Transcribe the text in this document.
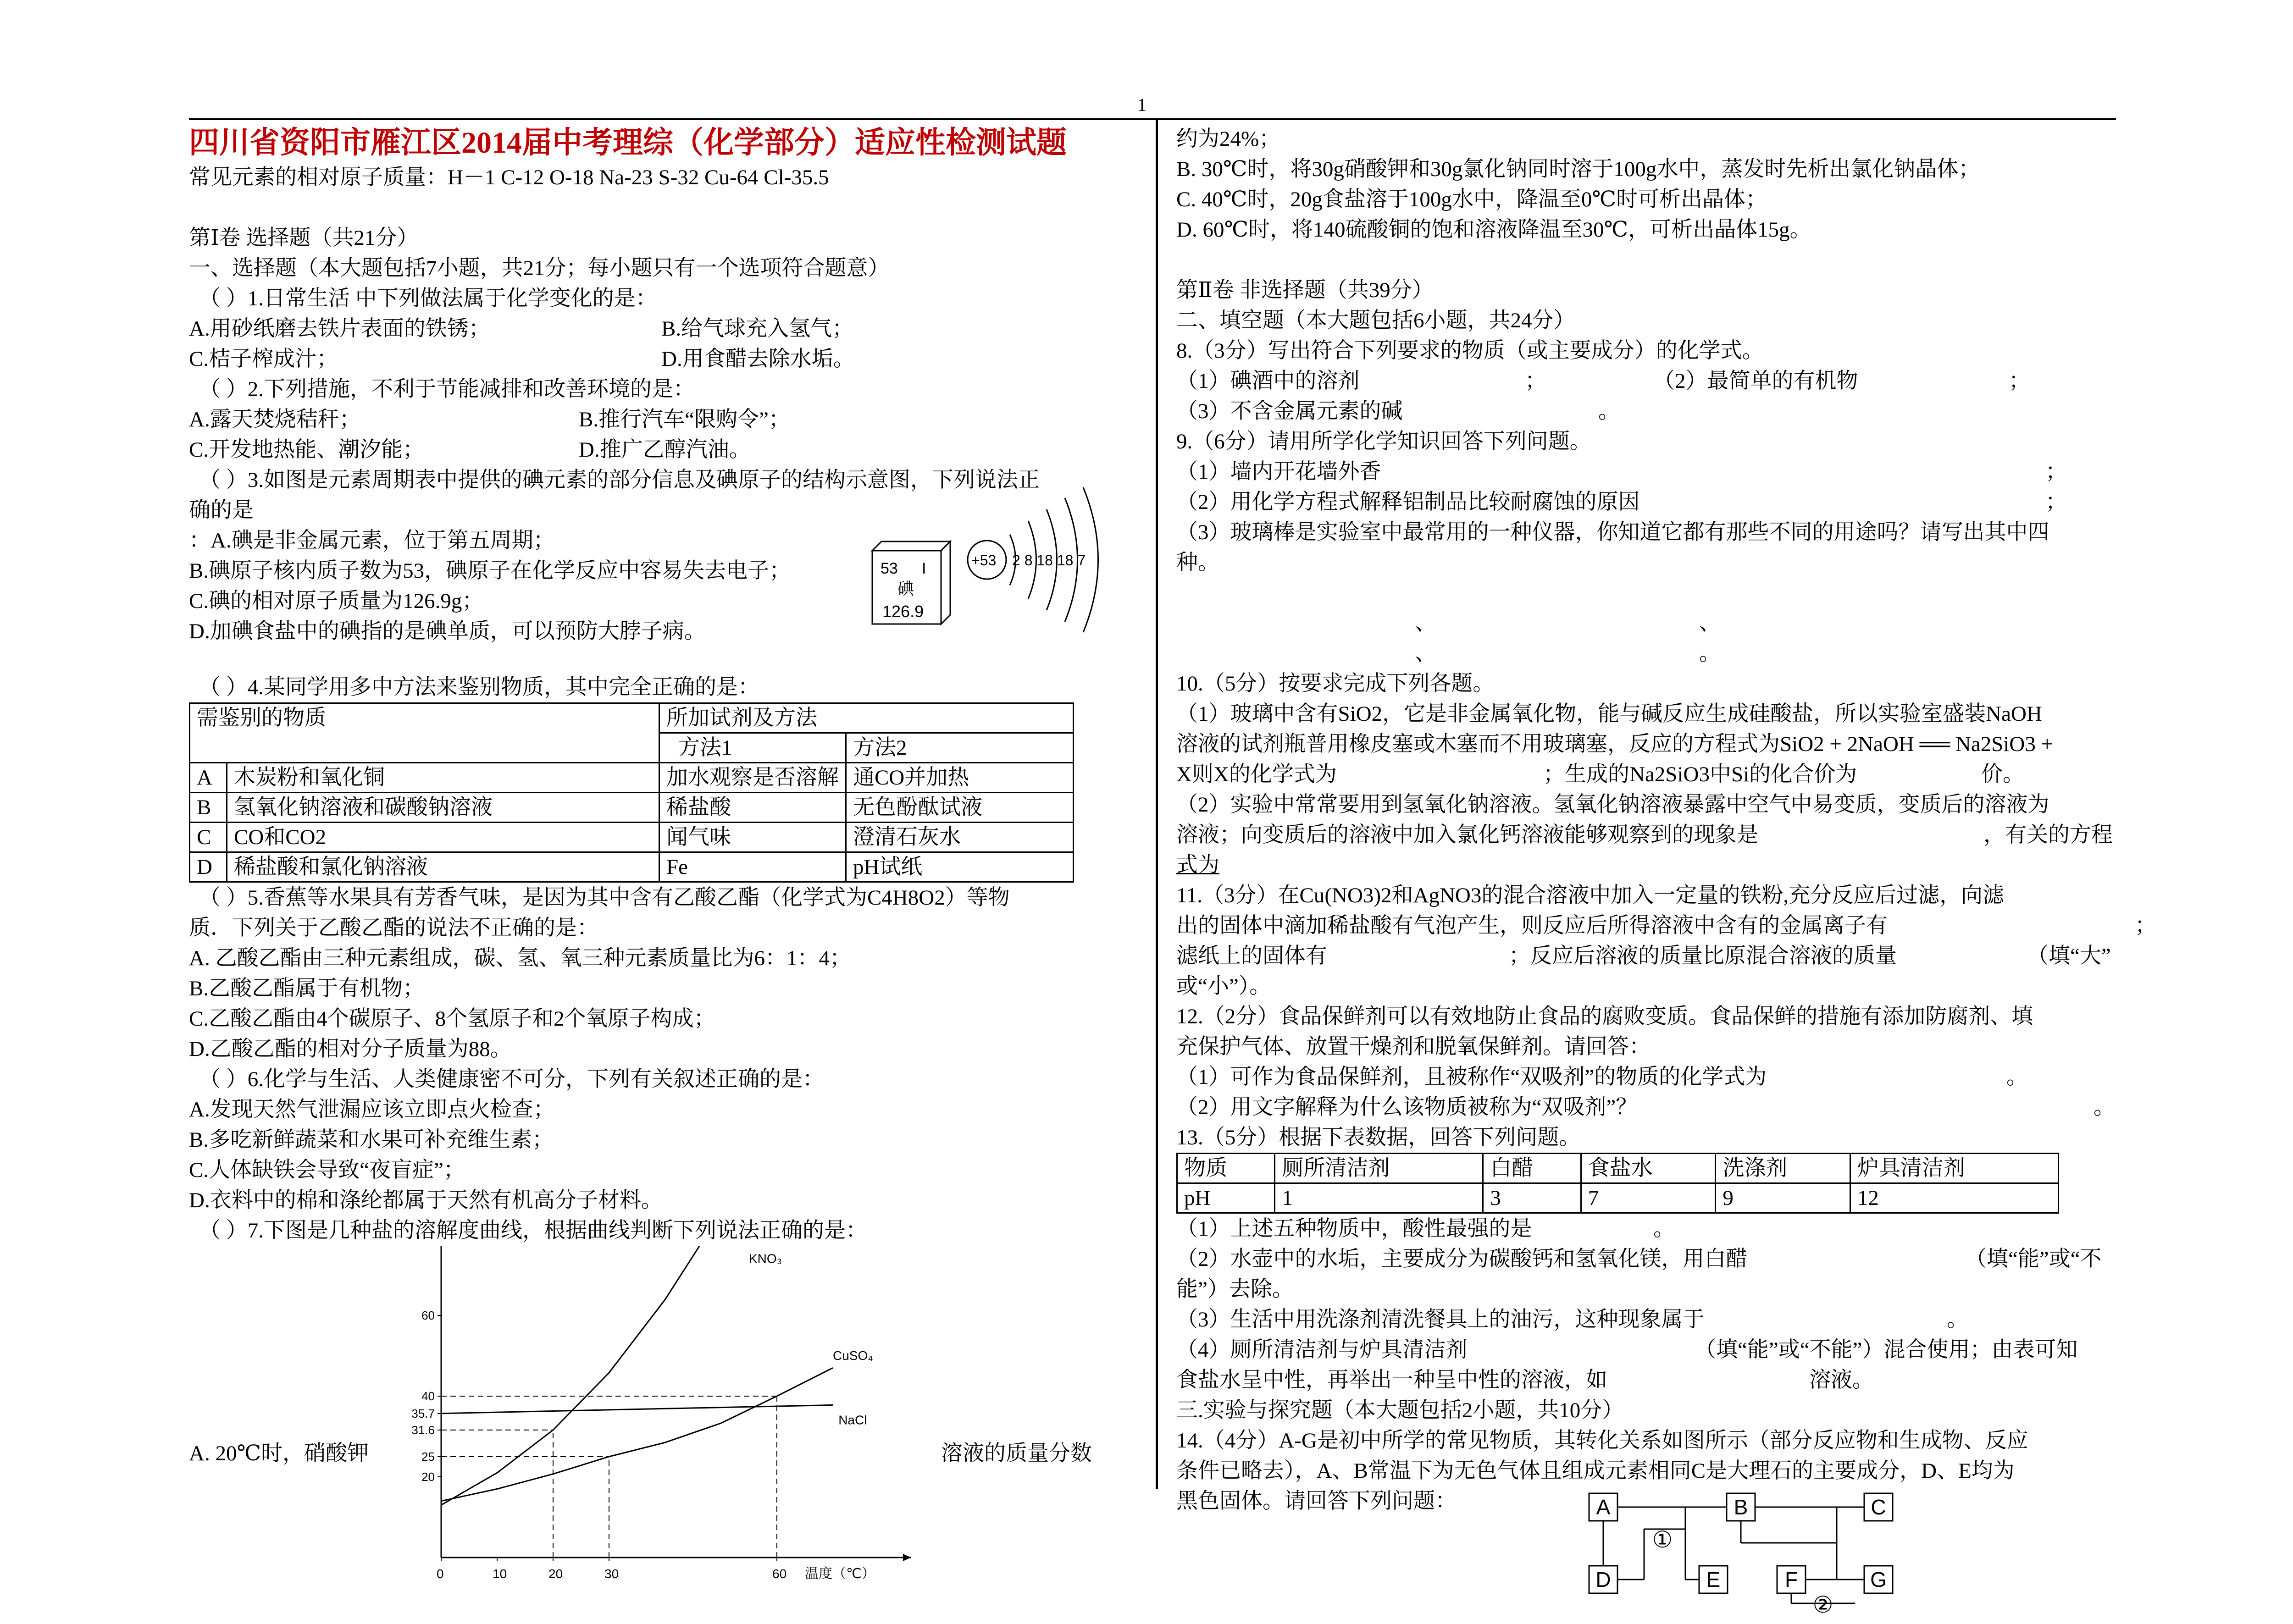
1
四川省资阳市雁江区2014届中考理综（化学部分）适应性检测试题
常见元素的相对原子质量：H－1 C-12 O-18 Na-23 S-32 Cu-64 Cl-35.5
第Ⅰ卷 选择题（共21分）
一、选择题（本大题包括7小题，共21分；每小题只有一个选项符合题意）
（ ）1.日常生活 中下列做法属于化学变化的是：
A.用砂纸磨去铁片表面的铁锈；	B.给气球充入氢气；
C.桔子榨成汁；	D.用食醋去除水垢。
（ ）2.下列措施，不利于节能减排和改善环境的是：
A.露天焚烧秸秆；	B.推行汽车“限购令”；
C.开发地热能、潮汐能；	D.推广乙醇汽油。
（ ）3.如图是元素周期表中提供的碘元素的部分信息及碘原子的结构示意图，下列说法正
确的是
：A.碘是非金属元素，位于第五周期；
B.碘原子核内质子数为53，碘原子在化学反应中容易失去电子；
C.碘的相对原子质量为126.9g；
D.加碘食盐中的碘指的是碘单质，可以预防大脖子病。
53 I
碘
126.9
+53 2 8 18 18 7
（ ）4.某同学用多中方法来鉴别物质，其中完全正确的是：
需鉴别的物质		所加试剂及方法	
		方法1	方法2
A	木炭粉和氧化铜	加水观察是否溶解	通CO并加热
B	氢氧化钠溶液和碳酸钠溶液	稀盐酸	无色酚酞试液
C	CO和CO2	闻气味	澄清石灰水
D	稀盐酸和氯化钠溶液	Fe	pH试纸
（ ）5.香蕉等水果具有芳香气味，是因为其中含有乙酸乙酯（化学式为C4H8O2）等物
质．下列关于乙酸乙酯的说法不正确的是：
A. 乙酸乙酯由三种元素组成，碳、氢、氧三种元素质量比为6：1：4；
B.乙酸乙酯属于有机物；
C.乙酸乙酯由4个碳原子、8个氢原子和2个氧原子构成；
D.乙酸乙酯的相对分子质量为88。
（ ）6.化学与生活、人类健康密不可分，下列有关叙述正确的是：
A.发现天然气泄漏应该立即点火检查；
B.多吃新鲜蔬菜和水果可补充维生素；
C.人体缺铁会导致“夜盲症”；
D.衣料中的棉和涤纶都属于天然有机高分子材料。
（ ）7.下图是几种盐的溶解度曲线，根据曲线判断下列说法正确的是：
温度（℃）
0	10	20	30	60
20
25
31.6
35.7
40
60
KNO₃
CuSO₄
NaCl
A. 20℃时，硝酸钾	溶液的质量分数
约为24%；
B. 30℃时，将30g硝酸钾和30g氯化钠同时溶于100g水中，蒸发时先析出氯化钠晶体；
C. 40℃时，20g食盐溶于100g水中，降温至0℃时可析出晶体；
D. 60℃时，将140硫酸铜的饱和溶液降温至30℃，可析出晶体15g。
第Ⅱ卷 非选择题（共39分）
二、填空题（本大题包括6小题，共24分）
8.（3分）写出符合下列要求的物质（或主要成分）的化学式。
（1）碘酒中的溶剂	；	（2）最简单的有机物	；
（3）不含金属元素的碱	。
9.（6分）请用所学化学知识回答下列问题。
（1）墙内开花墙外香	；
（2）用化学方程式解释铝制品比较耐腐蚀的原因	；
（3）玻璃棒是实验室中最常用的一种仪器，你知道它都有那些不同的用途吗？请写出其中四
种。
、	、

、	。

10.（5分）按要求完成下列各题。
（1）玻璃中含有SiO2，它是非金属氧化物，能与碱反应生成硅酸盐，所以实验室盛装NaOH
溶液的试剂瓶普用橡皮塞或木塞而不用玻璃塞，反应的方程式为SiO2 + 2NaOH ══ Na2SiO3 +
X则X的化学式为	；生成的Na2SiO3中Si的化合价为	价。
（2）实验中常常要用到氢氧化钠溶液。氢氧化钠溶液暴露中空气中易变质，变质后的溶液为
溶液；向变质后的溶液中加入氯化钙溶液能够观察到的现象是	，有关的方程
式为
11.（3分）在Cu(NO3)2和AgNO3的混合溶液中加入一定量的铁粉,充分反应后过滤，向滤
出的固体中滴加稀盐酸有气泡产生，则反应后所得溶液中含有的金属离子有	；
滤纸上的固体有	；反应后溶液的质量比原混合溶液的质量	（填“大”
或“小”）。
12.（2分）食品保鲜剂可以有效地防止食品的腐败变质。食品保鲜的措施有添加防腐剂、填
充保护气体、放置干燥剂和脱氧保鲜剂。请回答：
（1）可作为食品保鲜剂，且被称作“双吸剂”的物质的化学式为	。
（2）用文字解释为什么该物质被称为“双吸剂”？	。
13.（5分）根据下表数据，回答下列问题。
物质	厕所清洁剂	白醋	食盐水	洗涤剂	炉具清洁剂
pH	1	3	7	9	12
（1）上述五种物质中，酸性最强的是	。
（2）水壶中的水垢，主要成分为碳酸钙和氢氧化镁，用白醋	（填“能”或“不
能”）去除。
（3）生活中用洗涤剂清洗餐具上的油污，这种现象属于	。
（4）厕所清洁剂与炉具清洁剂	（填“能”或“不能”）混合使用；由表可知
食盐水呈中性，再举出一种呈中性的溶液，如	溶液。
三.实验与探究题（本大题包括2小题，共10分）
14.（4分）A-G是初中所学的常见物质，其转化关系如图所示（部分反应物和生成物、反应
条件已略去），A、B常温下为无色气体且组成元素相同C是大理石的主要成分，D、E均为
黑色固体。请回答下列问题：	A	B	C
D	E	F	G
①
②
